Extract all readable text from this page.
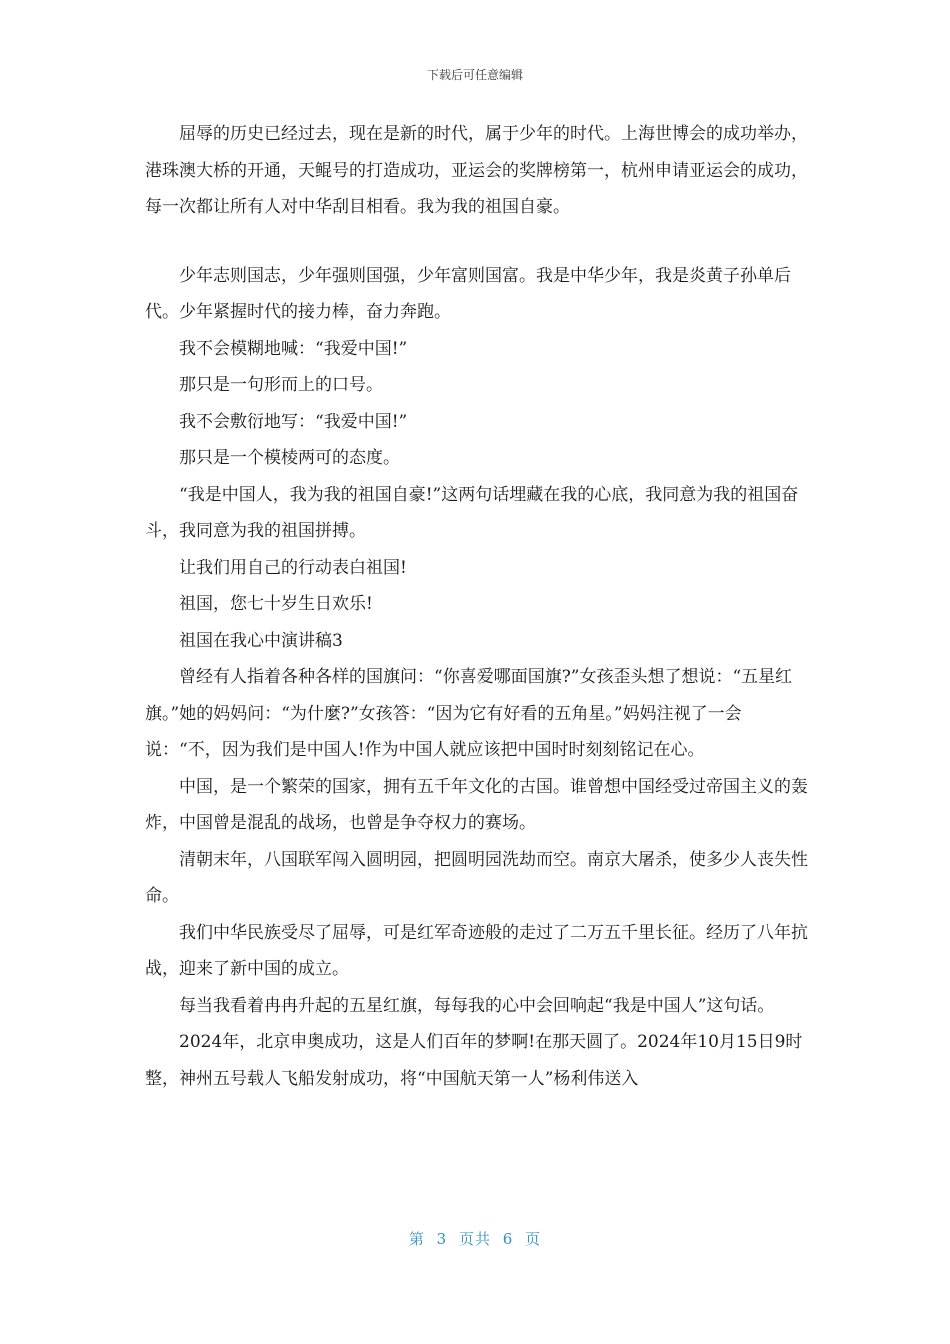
下载后可任意编辑

屈辱的历史已经过去，现在是新的时代，属于少年的时代。上海世博会的成功举办，港珠澳大桥的开通，天鲲号的打造成功，亚运会的奖牌榜第一，杭州申请亚运会的成功，每一次都让所有人对中华刮目相看。我为我的祖国自豪。

少年志则国志，少年强则国强，少年富则国富。我是中华少年，我是炎黄子孙单后代。少年紧握时代的接力棒，奋力奔跑。

我不会模糊地喊：“我爱中国!”

那只是一句形而上的口号。

我不会敷衍地写：“我爱中国!”

那只是一个模棱两可的态度。

“我是中国人，我为我的祖国自豪!”这两句话埋藏在我的心底，我同意为我的祖国奋斗，我同意为我的祖国拼搏。

让我们用自己的行动表白祖国!

祖国，您七十岁生日欢乐!

祖国在我心中演讲稿3

曾经有人指着各种各样的国旗问：“你喜爱哪面国旗?”女孩歪头想了想说：“五星红旗。”她的妈妈问：“为什麼?”女孩答：“因为它有好看的五角星。”妈妈注视了一会说：“不，因为我们是中国人!作为中国人就应该把中国时时刻刻铭记在心。

中国，是一个繁荣的国家，拥有五千年文化的古国。谁曾想中国经受过帝国主义的轰炸，中国曾是混乱的战场，也曾是争夺权力的赛场。

清朝末年，八国联军闯入圆明园，把圆明园洗劫而空。南京大屠杀，使多少人丧失性命。

我们中华民族受尽了屈辱，可是红军奇迹般的走过了二万五千里长征。经历了八年抗战，迎来了新中国的成立。

每当我看着冉冉升起的五星红旗，每每我的心中会回响起“我是中国人”这句话。

2024年，北京申奥成功，这是人们百年的梦啊!在那天圆了。2024年10月15日9时整，神州五号载人飞船发射成功，将“中国航天第一人”杨利伟送入

第 3 页共 6 页
